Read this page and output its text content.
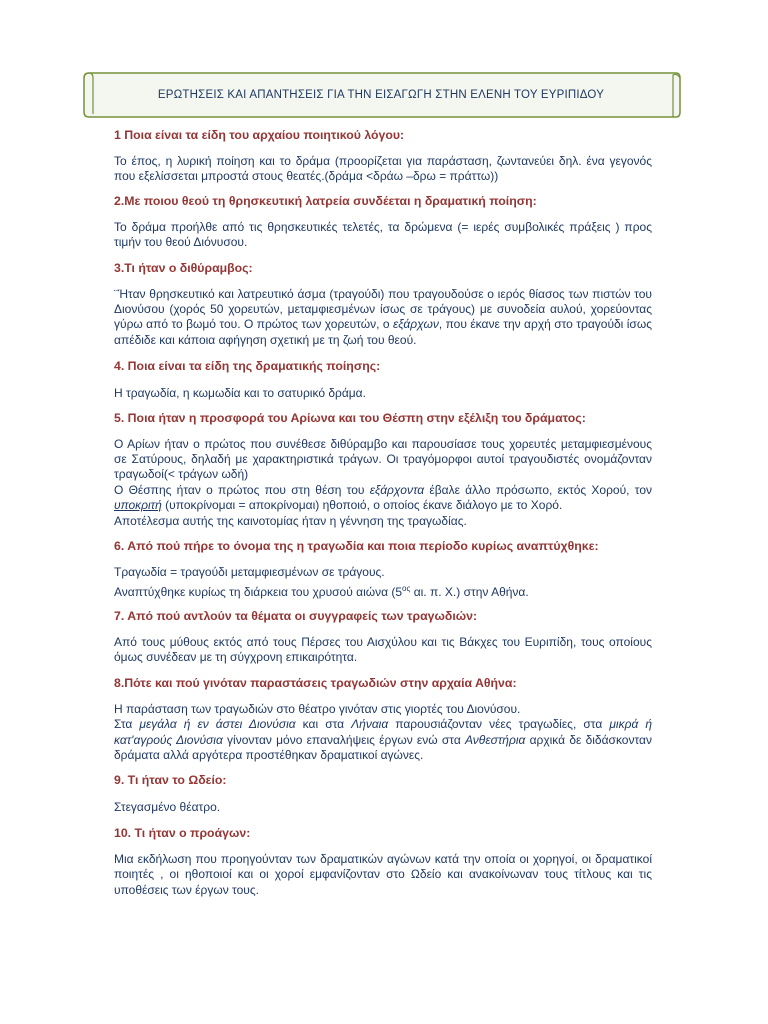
ΕΡΩΤΗΣΕΙΣ ΚΑΙ ΑΠΑΝΤΗΣΕΙΣ ΓΙΑ ΤΗΝ ΕΙΣΑΓΩΓΗ ΣΤΗΝ ΕΛΕΝΗ ΤΟΥ ΕΥΡΙΠΙΔΟΥ
1 Ποια είναι τα είδη του αρχαίου ποιητικού λόγου:

Το έπος, η λυρική ποίηση και το δράμα (προορίζεται για παράσταση, ζωντανεύει δηλ. ένα γεγονός που εξελίσσεται μπροστά στους θεατές.(δράμα <δράω –δρω = πράττω))

2.Με ποιου θεού τη θρησκευτική λατρεία συνδέεται η δραματική ποίηση:

Το δράμα προήλθε από τις θρησκευτικές τελετές, τα δρώμενα (= ιερές συμβολικές πράξεις ) προς τιμήν του θεού Διόνυσου.

3.Τι ήταν ο διθύραμβος:

¨Ήταν θρησκευτικό και λατρευτικό άσμα (τραγούδι) που τραγουδούσε ο ιερός θίασος των πιστών του Διονύσου (χορός 50 χορευτών, μεταμφιεσμένων ίσως σε τράγους) με συνοδεία αυλού, χορεύοντας γύρω από το βωμό του. Ο πρώτος των χορευτών, ο εξάρχων, που έκανε την αρχή στο τραγούδι ίσως απέδιδε και κάποια αφήγηση σχετική με τη ζωή του θεού.

4. Ποια είναι τα είδη της δραματικής ποίησης:

Η τραγωδία, η κωμωδία και το σατυρικό δράμα.

5. Ποια ήταν η προσφορά του Αρίωνα και του Θέσπη στην εξέλιξη του δράματος:

Ο Αρίων ήταν ο πρώτος που συνέθεσε διθύραμβο και παρουσίασε τους χορευτές μεταμφιεσμένους σε Σατύρους, δηλαδή με χαρακτηριστικά τράγων. Οι τραγόμορφοι αυτοί τραγουδιστές ονομάζονταν τραγωδοί(< τράγων ωδή)

Ο Θέσπης ήταν ο πρώτος που στη θέση του εξάρχοντα έβαλε άλλο πρόσωπο, εκτός Χορού, τον υποκριτή (υποκρίνομαι = αποκρίνομαι) ηθοποιό, ο οποίος έκανε διάλογο με το Χορό.

Αποτέλεσμα αυτής της καινοτομίας ήταν η γέννηση της τραγωδίας.

6. Από πού πήρε το όνομα της η τραγωδία και ποια περίοδο κυρίως αναπτύχθηκε:

Τραγωδία = τραγούδι μεταμφιεσμένων σε τράγους.

Αναπτύχθηκε κυρίως τη διάρκεια του χρυσού αιώνα ($5^{o\varsigma}$ αι. π. Χ.) στην Αθήνα.

7. Από πού αντλούν τα θέματα οι συγγραφείς των τραγωδιών:

Από τους μύθους εκτός από τους Πέρσες του Αισχύλου και τις Βάκχες του Ευριπίδη, τους οποίους όμως συνέδεαν με τη σύγχρονη επικαιρότητα.

8.Πότε και πού γινόταν παραστάσεις τραγωδιών στην αρχαία Αθήνα:

Η παράσταση των τραγωδιών στο θέατρο γινόταν στις γιορτές του Διονύσου.

Στα μεγάλα ή εν άστει Διονύσια και στα Λήναια παρουσιάζονταν νέες τραγωδίες, στα μικρά ή κατ'αγρούς Διονύσια γίνονταν μόνο επαναλήψεις έργων ενώ στα Ανθεστήρια αρχικά δε διδάσκονταν δράματα αλλά αργότερα προστέθηκαν δραματικοί αγώνες.

9. Τι ήταν το Ωδείο:

Στεγασμένο θέατρο.

10. Τι ήταν ο προάγων:

Μια εκδήλωση που προηγούνταν των δραματικών αγώνων κατά την οποία οι χορηγοί, οι δραματικοί ποιητές , οι ηθοποιοί και οι χοροί εμφανίζονταν στο Ωδείο και ανακοίνωναν τους τίτλους και τις υποθέσεις των έργων τους.
